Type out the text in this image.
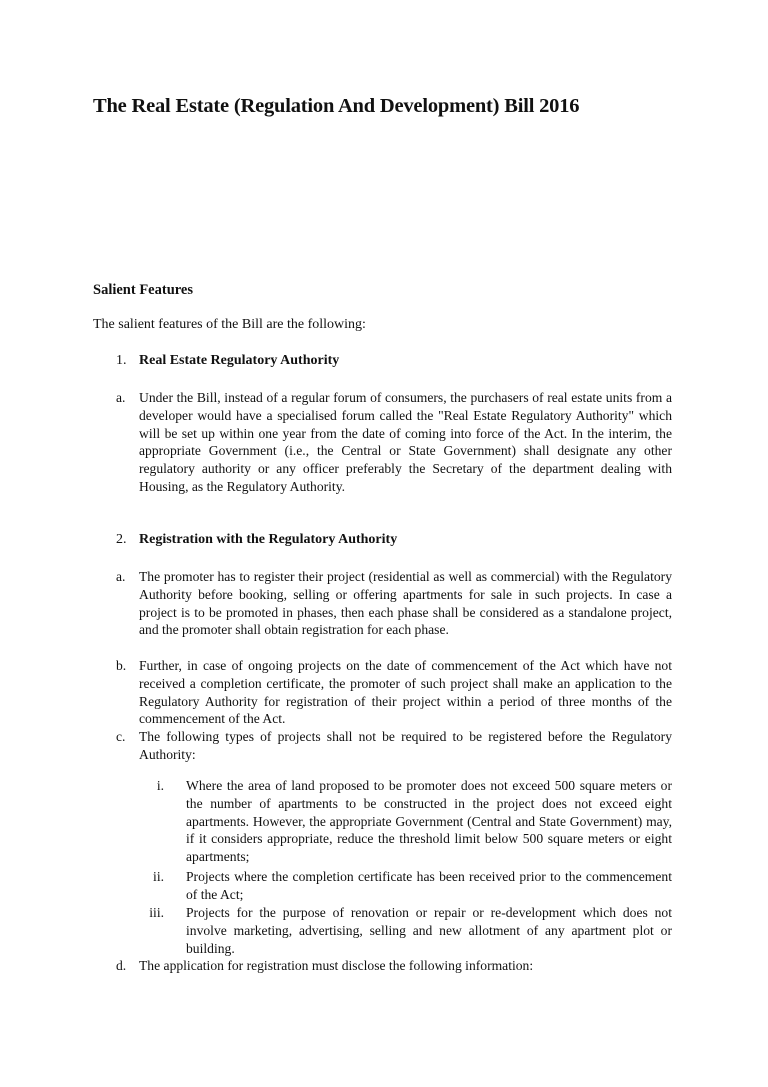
The Real Estate (Regulation And Development) Bill 2016
Salient Features
The salient features of the Bill are the following:
1. Real Estate Regulatory Authority
a. Under the Bill, instead of a regular forum of consumers, the purchasers of real estate units from a developer would have a specialised forum called the "Real Estate Regulatory Authority" which will be set up within one year from the date of coming into force of the Act. In the interim, the appropriate Government (i.e., the Central or State Government) shall designate any other regulatory authority or any officer preferably the Secretary of the department dealing with Housing, as the Regulatory Authority.
2. Registration with the Regulatory Authority
a. The promoter has to register their project (residential as well as commercial) with the Regulatory Authority before booking, selling or offering apartments for sale in such projects. In case a project is to be promoted in phases, then each phase shall be considered as a standalone project, and the promoter shall obtain registration for each phase.
b. Further, in case of ongoing projects on the date of commencement of the Act which have not received a completion certificate, the promoter of such project shall make an application to the Regulatory Authority for registration of their project within a period of three months of the commencement of the Act.
c. The following types of projects shall not be required to be registered before the Regulatory Authority:
i. Where the area of land proposed to be promoter does not exceed 500 square meters or the number of apartments to be constructed in the project does not exceed eight apartments. However, the appropriate Government (Central and State Government) may, if it considers appropriate, reduce the threshold limit below 500 square meters or eight apartments;
ii. Projects where the completion certificate has been received prior to the commencement of the Act;
iii. Projects for the purpose of renovation or repair or re-development which does not involve marketing, advertising, selling and new allotment of any apartment plot or building.
d. The application for registration must disclose the following information:
